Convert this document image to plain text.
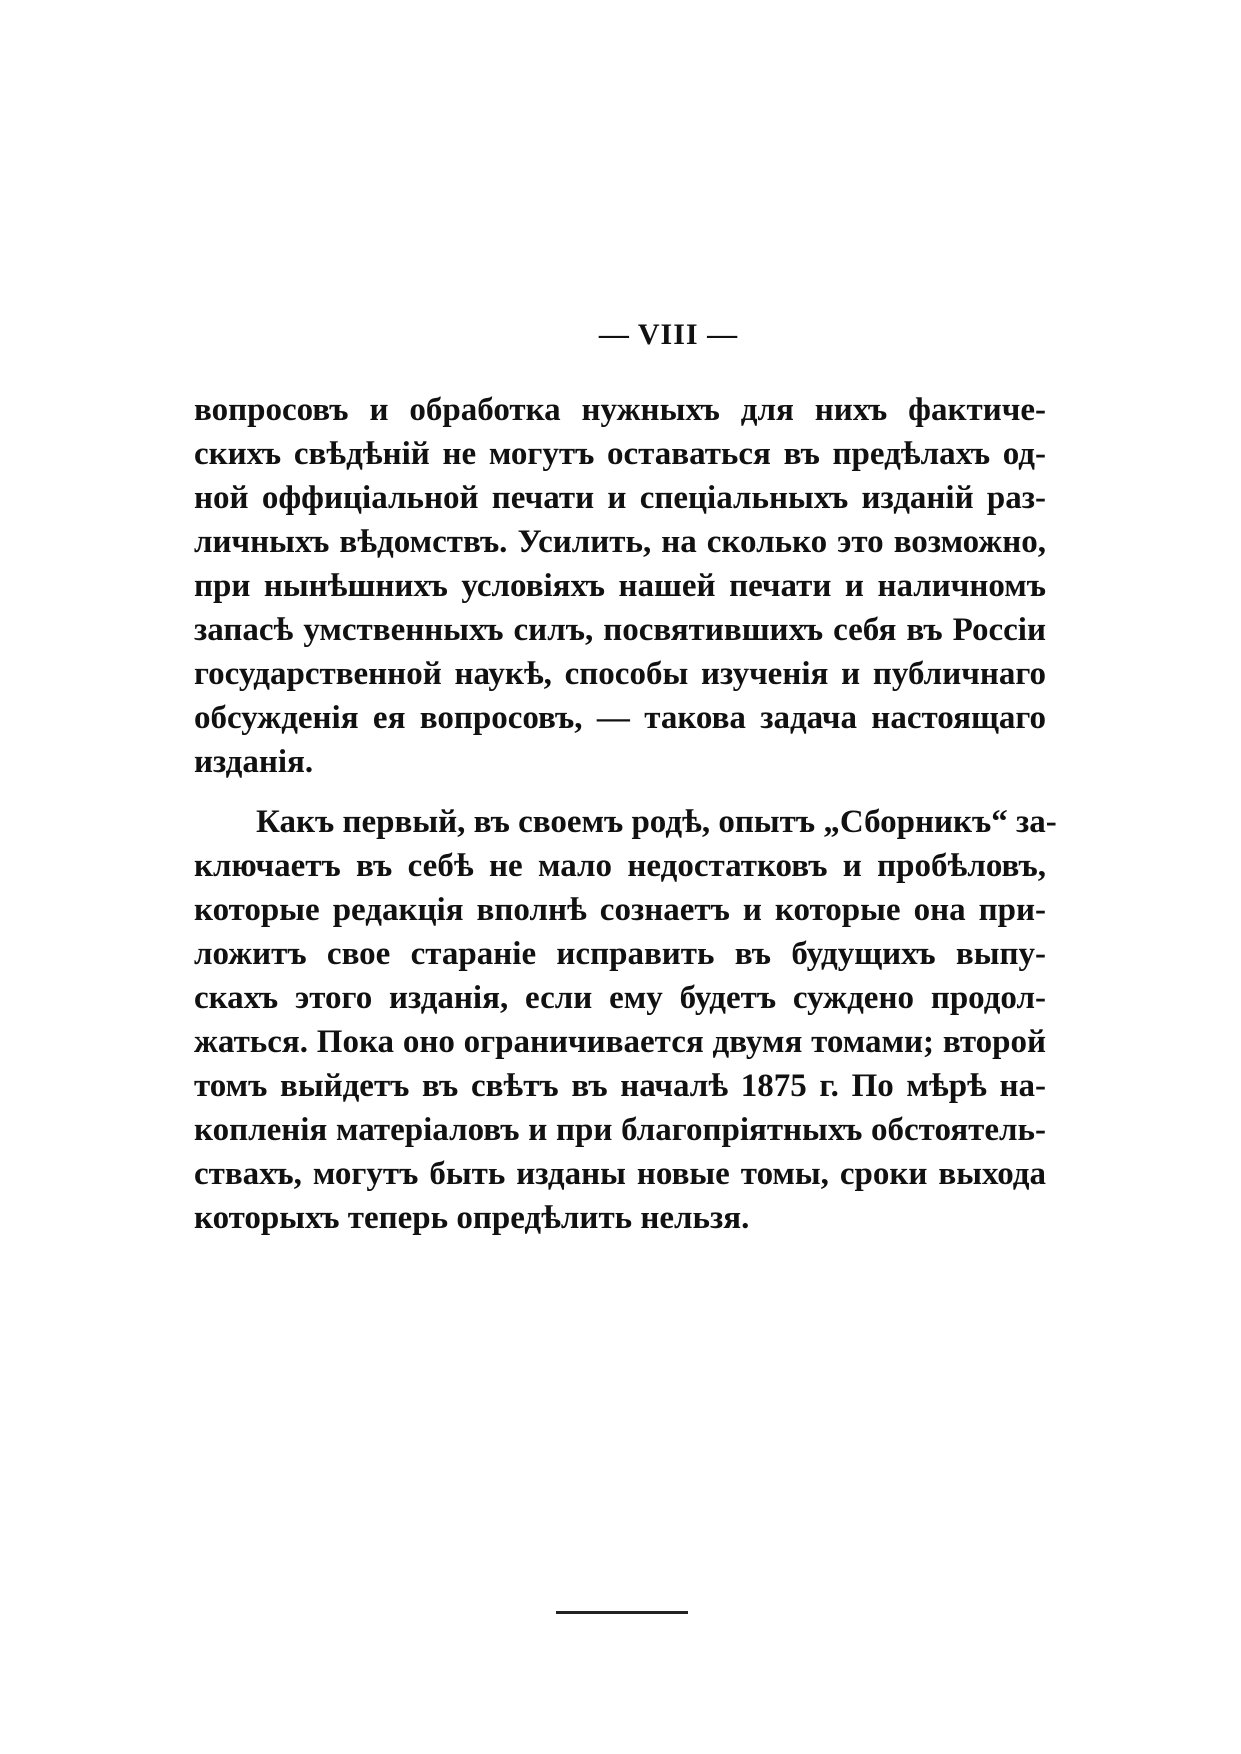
— VIII —
вопросовъ и обработка нужныхъ для нихъ фактиче-
скихъ свѣдѣній не могутъ оставаться въ предѣлахъ од-
ной оффиціальной печати и спеціальныхъ изданій раз-
личныхъ вѣдомствъ. Усилить, на сколько это возможно,
при нынѣшнихъ условіяхъ нашей печати и наличномъ
запасѣ умственныхъ силъ, посвятившихъ себя въ Россіи
государственной наукѣ, способы изученія и публичнаго
обсужденія ея вопросовъ, — такова задача настоящаго
изданія.
Какъ первый, въ своемъ родѣ, опытъ „Сборникъ“ за-
ключаетъ въ себѣ не мало недостатковъ и пробѣловъ,
которые редакція вполнѣ сознаетъ и которые она при-
ложитъ свое стараніе исправить въ будущихъ выпу-
скахъ этого изданія, если ему будетъ суждено продол-
жаться. Пока оно ограничивается двумя томами; второй
томъ выйдетъ въ свѣтъ въ началѣ 1875 г. По мѣрѣ на-
копленія матеріаловъ и при благопріятныхъ обстоятель-
ствахъ, могутъ быть изданы новые томы, сроки выхода
которыхъ теперь опредѣлить нельзя.
